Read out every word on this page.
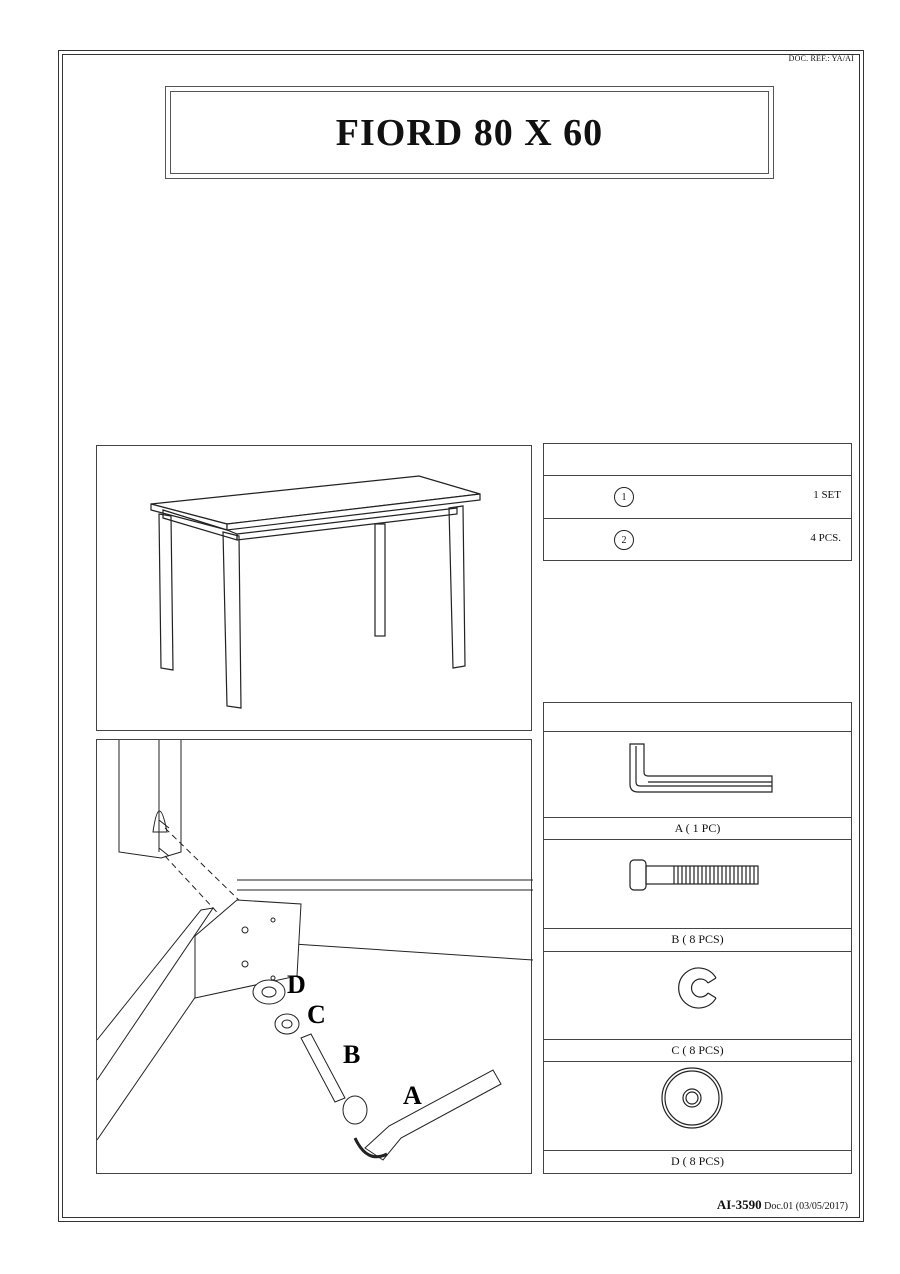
DOC. REF.: YA/AI
FIORD 80 X 60
D
C
B
A
1	1 SET
2	4 PCS.
A ( 1 PC)
B ( 8 PCS)
C ( 8 PCS)
D ( 8 PCS)
AI-3590 Doc.01 (03/05/2017)
